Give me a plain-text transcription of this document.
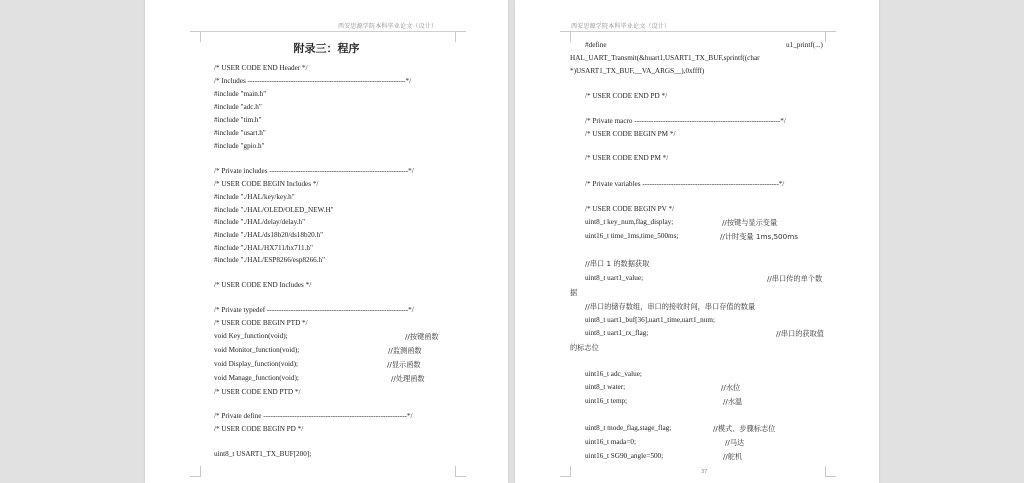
西安思源学院本科毕业论文（设计）
附录三：程序
西安思源学院本科毕业论文（设计）
37
/* USER CODE END Header */
/* Includes ------------------------------------------------------------------*/
#include "main.h"
#include "adc.h"
#include "tim.h"
#include "usart.h"
#include "gpio.h"
/* Private includes ----------------------------------------------------------*/
/* USER CODE BEGIN Includes */
#include "./HAL/key/key.h"
#include "./HAL/OLED/OLED_NEW.H"
#include "./HAL/delay/delay.h"
#include "./HAL/ds18b20/ds18b20.h"
#include "./HAL/HX711/hx711.h"
#include "./HAL/ESP8266/esp8266.h"
/* USER CODE END Includes */
/* Private typedef -----------------------------------------------------------*/
/* USER CODE BEGIN PTD */
void Key_function(void);	//按键函数
void Monitor_function(void);	//监测函数
void Display_function(void);	//显示函数
void Manage_function(void);	//处理函数
/* USER CODE END PTD */
/* Private define ------------------------------------------------------------*/
/* USER CODE BEGIN PD */
uint8_t USART1_TX_BUF[200];
#define	u1_printf(...)
HAL_UART_Transmit(&huart1,USART1_TX_BUF,sprintf((char
*)USART1_TX_BUF,__VA_ARGS__),0xffff)
/* USER CODE END PD */
/* Private macro -------------------------------------------------------------*/
/* USER CODE BEGIN PM */
/* USER CODE END PM */
/* Private variables ---------------------------------------------------------*/
/* USER CODE BEGIN PV */
uint8_t key_num,flag_display;	//按键与显示变量
uint16_t time_1ms,time_500ms;	//计时变量 1ms,500ms
//串口 1 的数据获取
uint8_t uart1_value;	//串口传的单个数
据
//串口的储存数组，串口的接收时间，串口存值的数量
uint8_t uart1_buf[36],uart1_time,uart1_num;
uint8_t uart1_rx_flag;	//串口的获取值
的标志位
uint16_t adc_value;
uint8_t water;	//水位
uint16_t temp;	//水温
uint8_t mode_flag,stage_flag;	//模式、步骤标志位
uint16_t mada=0;	//马达
uint16_t SG90_angle=500;	//舵机
